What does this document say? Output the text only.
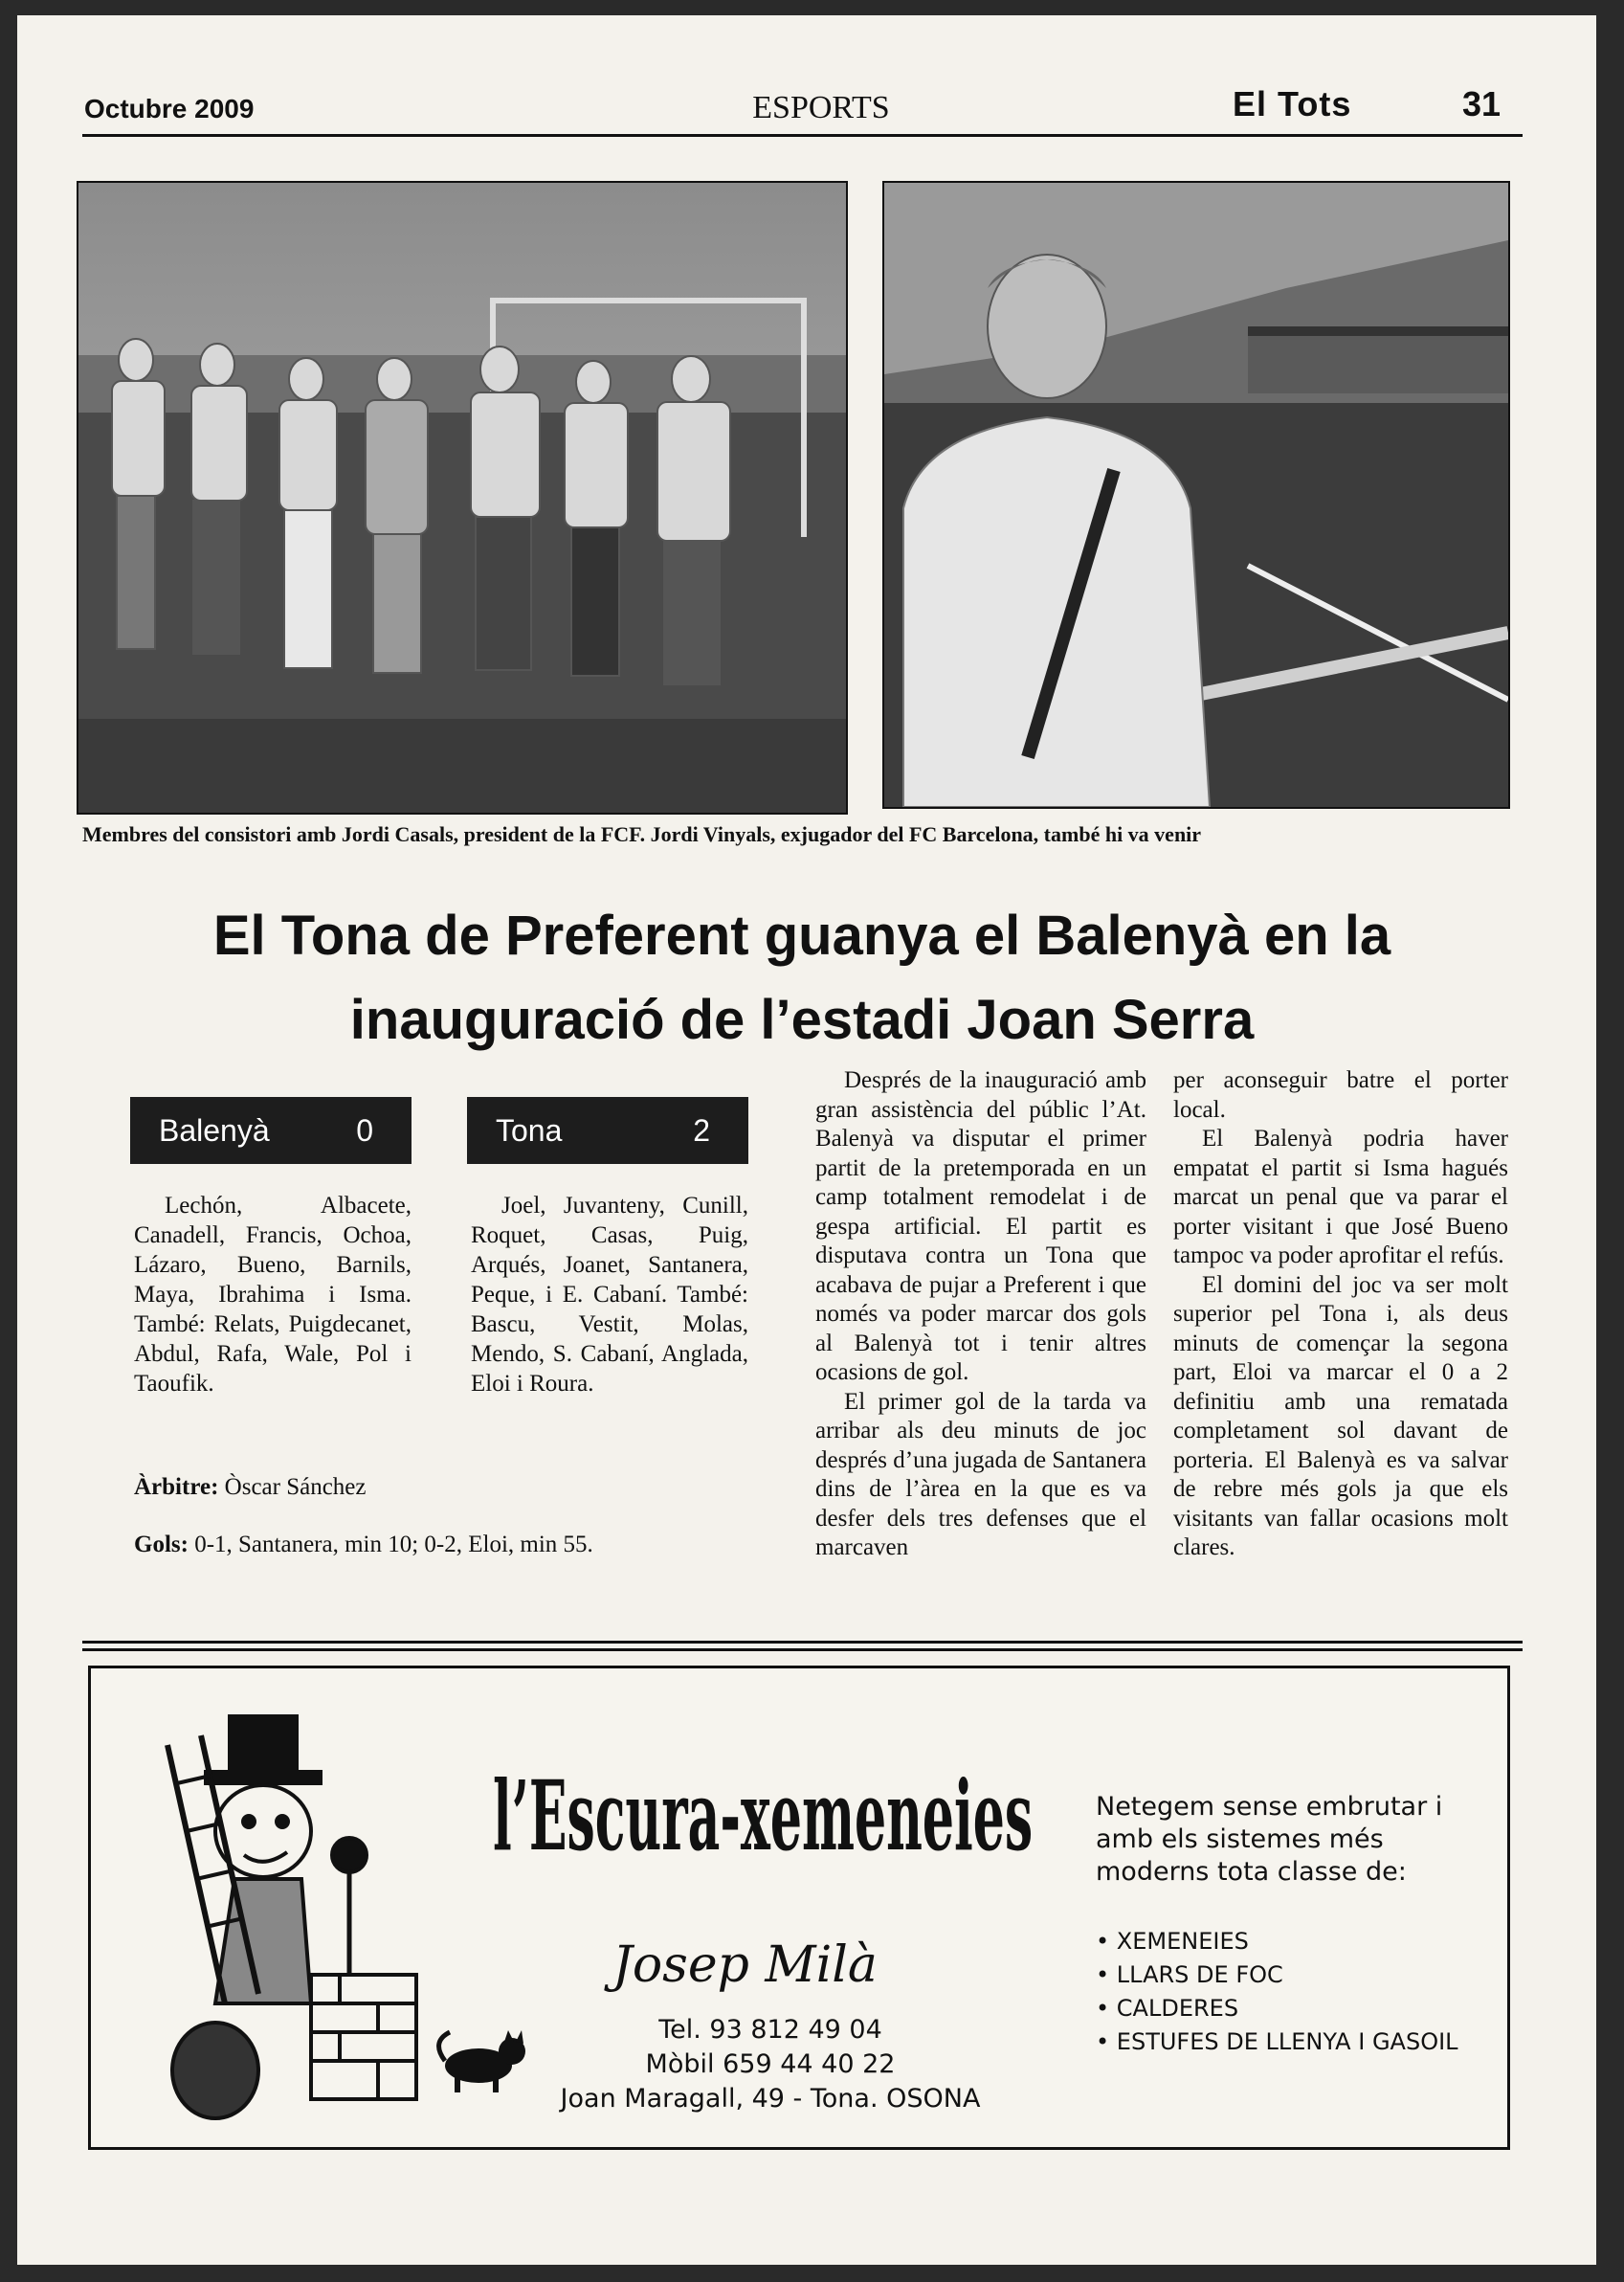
Octubre 2009	ESPORTS	El Tots	31
Membres del consistori amb Jordi Casals, president de la FCF. Jordi Vinyals, exjugador del FC Barcelona, també hi va venir
El Tona de Preferent guanya el Balenyà en la
inauguració de l’estadi Joan Serra
Balenyà	0	Tona	2
Lechón, Albacete, Canadell, Francis, Ochoa, Lázaro, Bueno, Barnils, Maya, Ibrahima i Isma. També: Relats, Puigdecanet, Abdul, Rafa, Wale, Pol i Taoufik.
Joel, Juvanteny, Cunill, Roquet, Casas, Puig, Arqués, Joanet, Santanera, Peque, i E. Cabaní. També: Bascu, Vestit, Molas, Mendo, S. Cabaní, Anglada, Eloi i Roura.
Àrbitre: Òscar Sánchez
Gols: 0-1, Santanera, min 10; 0-2, Eloi, min 55.

Després de la inauguració amb gran assistència del públic l’At. Balenyà va disputar el primer partit de la pretemporada en un camp totalment remodelat i de gespa artificial. El partit es disputava contra un Tona que acabava de pujar a Preferent i que només va poder marcar dos gols al Balenyà tot i tenir altres ocasions de gol.

El primer gol de la tarda va arribar als deu minuts de joc després d’una jugada de Santanera dins de l’àrea en la que es va desfer dels tres defenses que el marcaven

per aconseguir batre el porter local.

El Balenyà podria haver empatat el partit si Isma hagués marcat un penal que va parar el porter visitant i que José Bueno tampoc va poder aprofitar el refús.

El domini del joc va ser molt superior pel Tona i, als deus minuts de començar la segona part, Eloi va marcar el 0 a 2 definitiu amb una rematada completament sol davant de porteria. El Balenyà es va salvar de rebre més gols ja que els visitants van fallar ocasions molt clares.

l’Escura-xemeneies
Josep Milà
Tel. 93 812 49 04
Mòbil 659 44 40 22
Joan Maragall, 49 - Tona. OSONA
Netegem sense embrutar i amb els sistemes més moderns tota classe de:
• XEMENEIES
• LLARS DE FOC
• CALDERES
• ESTUFES DE LLENYA I GASOIL
